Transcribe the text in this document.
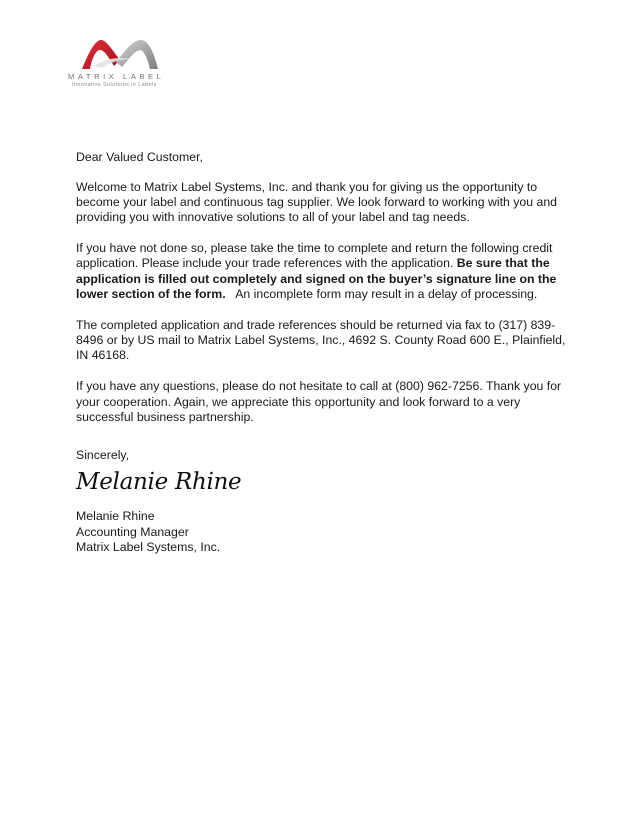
MATRIX LABEL
Innovative Solutions in Labels

Dear Valued Customer,

Welcome to Matrix Label Systems, Inc. and thank you for giving us the opportunity to become your label and continuous tag supplier. We look forward to working with you and providing you with innovative solutions to all of your label and tag needs.

If you have not done so, please take the time to complete and return the following credit application. Please include your trade references with the application. Be sure that the application is filled out completely and signed on the buyer’s signature line on the lower section of the form.   An incomplete form may result in a delay of processing.

The completed application and trade references should be returned via fax to (317) 839-8496 or by US mail to Matrix Label Systems, Inc., 4692 S. County Road 600 E., Plainfield, IN 46168.

If you have any questions, please do not hesitate to call at (800) 962-7256. Thank you for your cooperation. Again, we appreciate this opportunity and look forward to a very successful business partnership.

Sincerely,

Melanie Rhine

Melanie Rhine

Accounting Manager

Matrix Label Systems, Inc.
